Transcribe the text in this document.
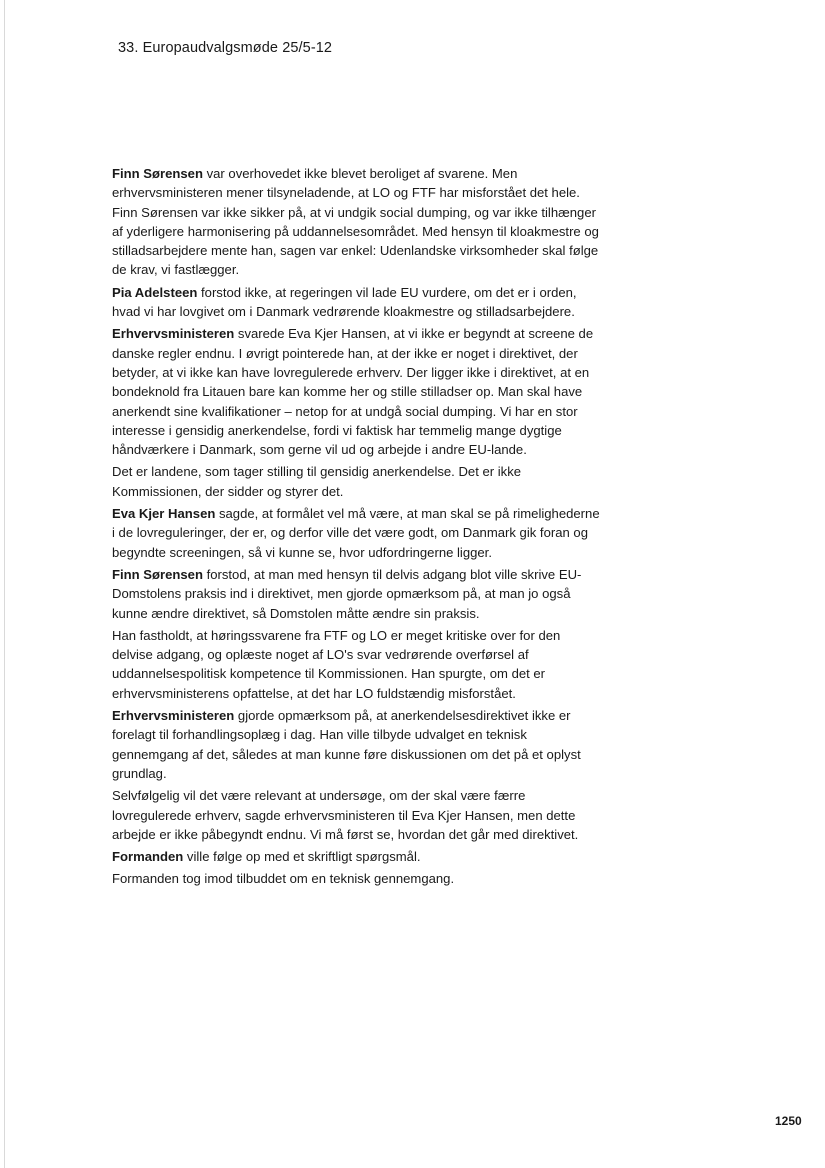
33. Europaudvalgsmøde 25/5-12

Finn Sørensen var overhovedet ikke blevet beroliget af svarene. Men erhvervsministeren mener tilsyneladende, at LO og FTF har misforstået det hele. Finn Sørensen var ikke sikker på, at vi undgik social dumping, og var ikke tilhænger af yderligere harmonisering på uddannelsesområdet. Med hensyn til kloakmestre og stilladsarbejdere mente han, sagen var enkel: Udenlandske virksomheder skal følge de krav, vi fastlægger.

Pia Adelsteen forstod ikke, at regeringen vil lade EU vurdere, om det er i orden, hvad vi har lovgivet om i Danmark vedrørende kloakmestre og stilladsarbejdere.

Erhvervsministeren svarede Eva Kjer Hansen, at vi ikke er begyndt at screene de danske regler endnu. I øvrigt pointerede han, at der ikke er noget i direktivet, der betyder, at vi ikke kan have lovregulerede erhverv. Der ligger ikke i direktivet, at en bondeknold fra Litauen bare kan komme her og stille stilladser op. Man skal have anerkendt sine kvalifikationer – netop for at undgå social dumping. Vi har en stor interesse i gensidig anerkendelse, fordi vi faktisk har temmelig mange dygtige håndværkere i Danmark, som gerne vil ud og arbejde i andre EU-lande.

Det er landene, som tager stilling til gensidig anerkendelse. Det er ikke Kommissionen, der sidder og styrer det.

Eva Kjer Hansen sagde, at formålet vel må være, at man skal se på rimelighederne i de lovreguleringer, der er, og derfor ville det være godt, om Danmark gik foran og begyndte screeningen, så vi kunne se, hvor udfordringerne ligger.

Finn Sørensen forstod, at man med hensyn til delvis adgang blot ville skrive EU-Domstolens praksis ind i direktivet, men gjorde opmærksom på, at man jo også kunne ændre direktivet, så Domstolen måtte ændre sin praksis.

Han fastholdt, at høringssvarene fra FTF og LO er meget kritiske over for den delvise adgang, og oplæste noget af LO's svar vedrørende overførsel af uddannelsespolitisk kompetence til Kommissionen. Han spurgte, om det er erhvervsministerens opfattelse, at det har LO fuldstændig misforstået.

Erhvervsministeren gjorde opmærksom på, at anerkendelsesdirektivet ikke er forelagt til forhandlingsoplæg i dag. Han ville tilbyde udvalget en teknisk gennemgang af det, således at man kunne føre diskussionen om det på et oplyst grundlag.

Selvfølgelig vil det være relevant at undersøge, om der skal være færre lovregulerede erhverv, sagde erhvervsministeren til Eva Kjer Hansen, men dette arbejde er ikke påbegyndt endnu. Vi må først se, hvordan det går med direktivet.

Formanden ville følge op med et skriftligt spørgsmål.

Formanden tog imod tilbuddet om en teknisk gennemgang.

1250
